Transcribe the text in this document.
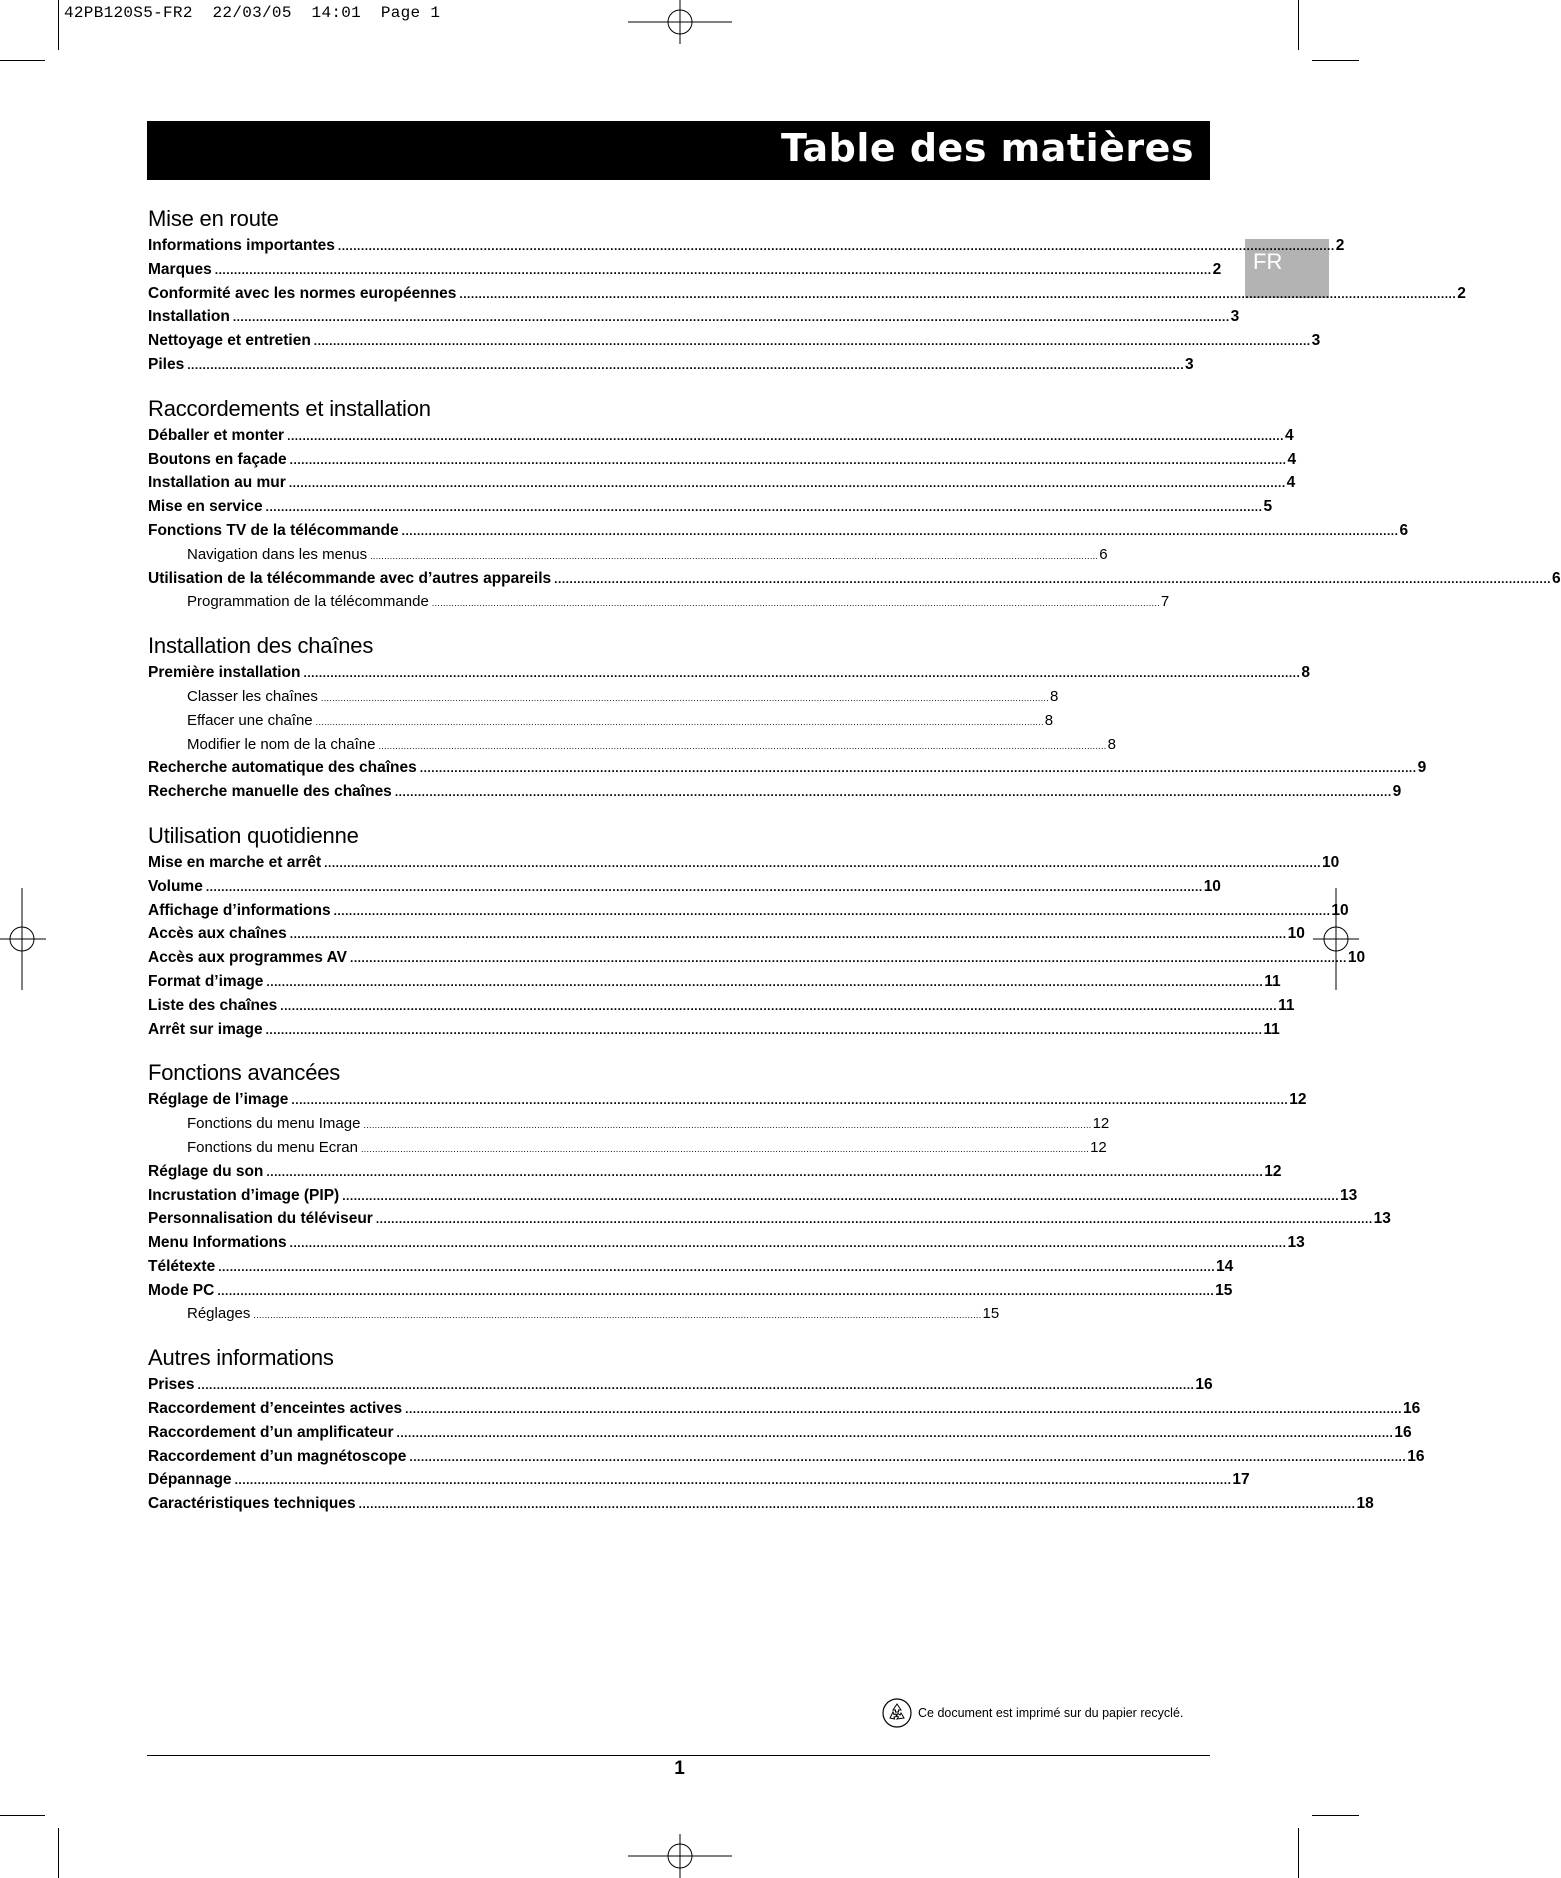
42PB120S5-FR2  22/03/05  14:01  Page 1
Table des matières
FR
Mise en route
Informations importantes .................................................................................................................................................................................................................................................................... 2
Marques .................................................................................................................................................................................................................................................................... 2
Conformité avec les normes européennes .................................................................................................................................................................................................................................................................... 2
Installation .................................................................................................................................................................................................................................................................... 3
Nettoyage et entretien .................................................................................................................................................................................................................................................................... 3
Piles .................................................................................................................................................................................................................................................................... 3
Raccordements et installation
Déballer et monter .................................................................................................................................................................................................................................................................... 4
Boutons en façade .................................................................................................................................................................................................................................................................... 4
Installation au mur .................................................................................................................................................................................................................................................................... 4
Mise en service .................................................................................................................................................................................................................................................................... 5
Fonctions TV de la télécommande .................................................................................................................................................................................................................................................................... 6
Navigation dans les menus .................................................................................................................................................................................................................................................................... 6
Utilisation de la télécommande avec d’autres appareils .................................................................................................................................................................................................................................................................... 6
Programmation de la télécommande .................................................................................................................................................................................................................................................................... 7
Installation des chaînes
Première installation .................................................................................................................................................................................................................................................................... 8
Classer les chaînes .................................................................................................................................................................................................................................................................... 8
Effacer une chaîne .................................................................................................................................................................................................................................................................... 8
Modifier le nom de la chaîne .................................................................................................................................................................................................................................................................... 8
Recherche automatique des chaînes .................................................................................................................................................................................................................................................................... 9
Recherche manuelle des chaînes .................................................................................................................................................................................................................................................................... 9
Utilisation quotidienne
Mise en marche et arrêt .................................................................................................................................................................................................................................................................... 10
Volume .................................................................................................................................................................................................................................................................... 10
Affichage d’informations .................................................................................................................................................................................................................................................................... 10
Accès aux chaînes .................................................................................................................................................................................................................................................................... 10
Accès aux programmes AV .................................................................................................................................................................................................................................................................... 10
Format d’image .................................................................................................................................................................................................................................................................... 11
Liste des chaînes .................................................................................................................................................................................................................................................................... 11
Arrêt sur image .................................................................................................................................................................................................................................................................... 11
Fonctions avancées
Réglage de l’image .................................................................................................................................................................................................................................................................... 12
Fonctions du menu Image .................................................................................................................................................................................................................................................................... 12
Fonctions du menu Ecran .................................................................................................................................................................................................................................................................... 12
Réglage du son .................................................................................................................................................................................................................................................................... 12
Incrustation d’image (PIP) .................................................................................................................................................................................................................................................................... 13
Personnalisation du téléviseur .................................................................................................................................................................................................................................................................... 13
Menu Informations .................................................................................................................................................................................................................................................................... 13
Télétexte .................................................................................................................................................................................................................................................................... 14
Mode PC .................................................................................................................................................................................................................................................................... 15
Réglages .................................................................................................................................................................................................................................................................... 15
Autres informations
Prises .................................................................................................................................................................................................................................................................... 16
Raccordement d’enceintes actives .................................................................................................................................................................................................................................................................... 16
Raccordement d’un amplificateur .................................................................................................................................................................................................................................................................... 16
Raccordement d’un magnétoscope .................................................................................................................................................................................................................................................................... 16
Dépannage .................................................................................................................................................................................................................................................................... 17
Caractéristiques techniques .................................................................................................................................................................................................................................................................... 18
Ce document est imprimé sur du papier recyclé.
1
